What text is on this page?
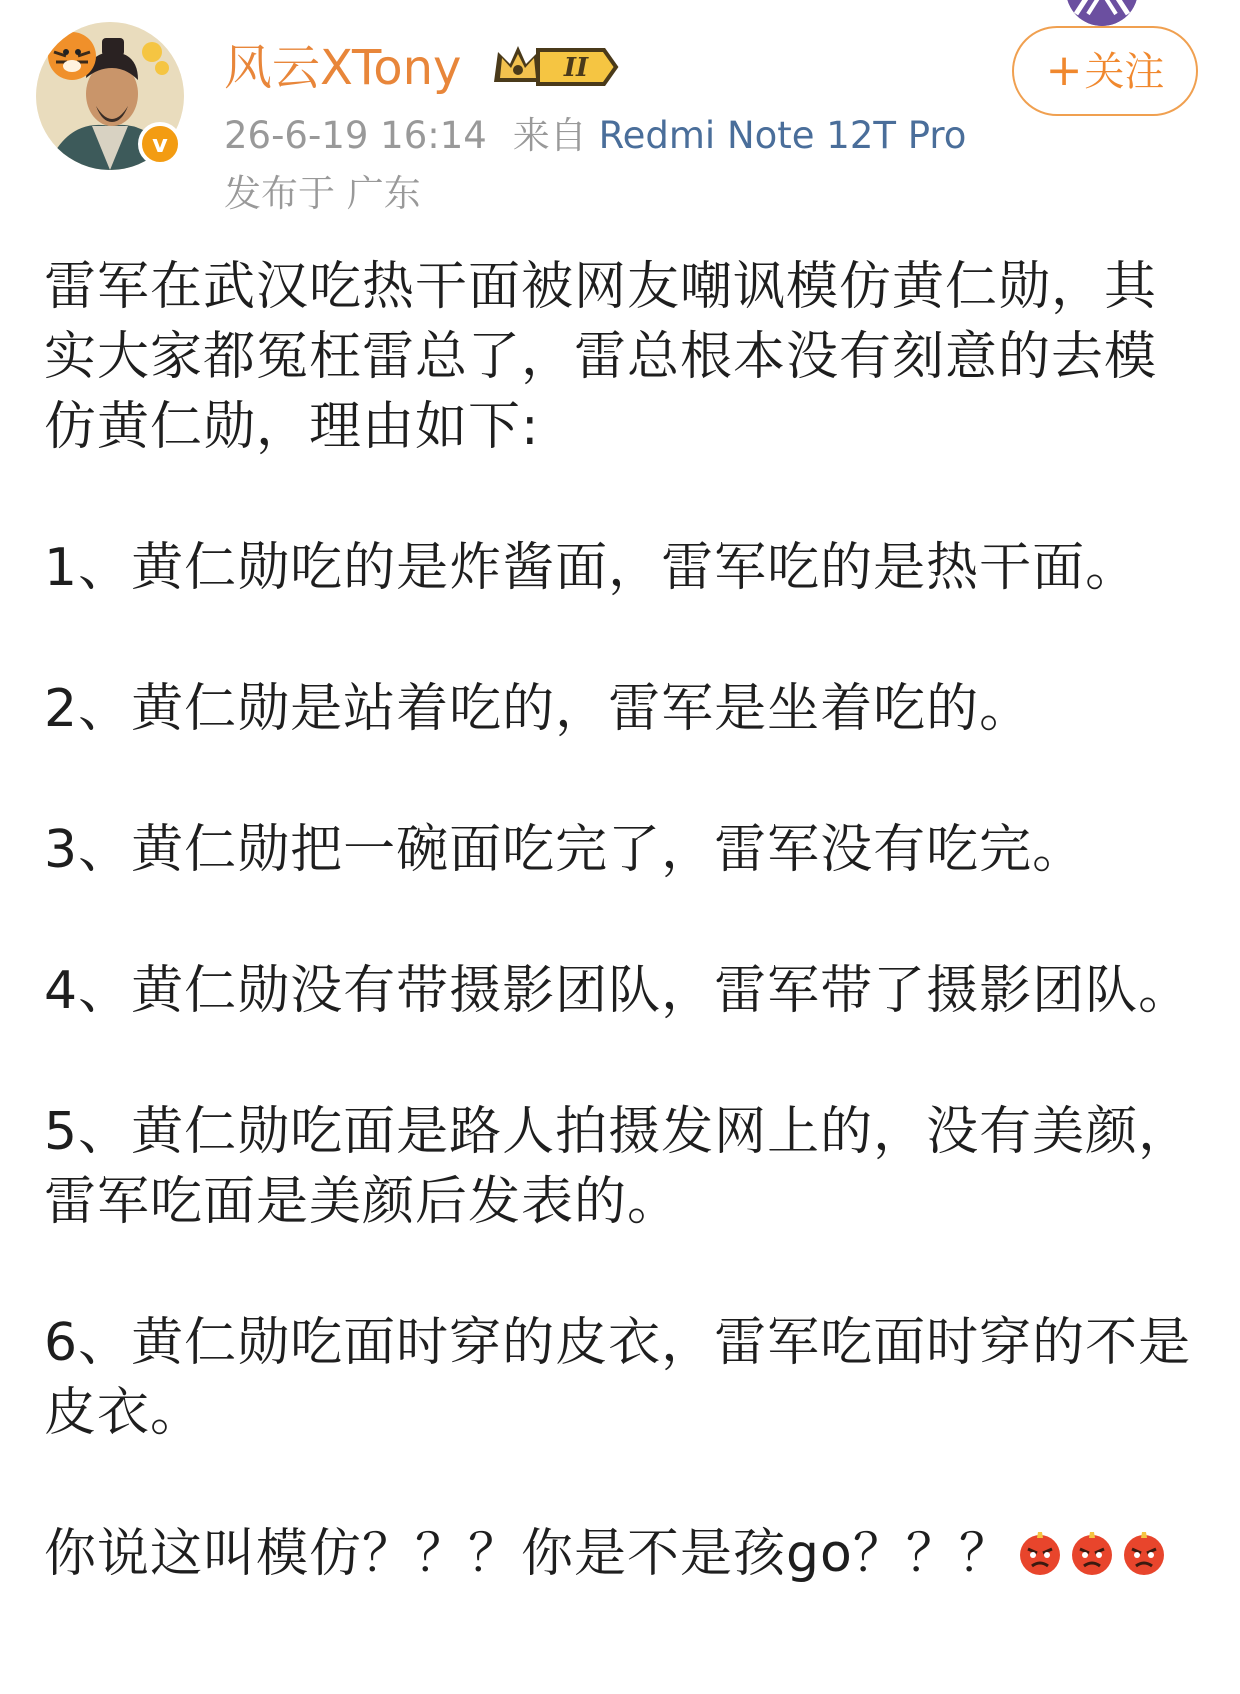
v
风云XTony	II	+关注
26-6-19 16:14 来自 Redmi Note 12T Pro
发布于 广东

雷军在武汉吃热干面被网友嘲讽模仿黄仁勋，其实大家都冤枉雷总了，雷总根本没有刻意的去模仿黄仁勋，理由如下:

1、黄仁勋吃的是炸酱面，雷军吃的是热干面。

2、黄仁勋是站着吃的，雷军是坐着吃的。

3、黄仁勋把一碗面吃完了，雷军没有吃完。

4、黄仁勋没有带摄影团队，雷军带了摄影团队。

5、黄仁勋吃面是路人拍摄发网上的，没有美颜，雷军吃面是美颜后发表的。

6、黄仁勋吃面时穿的皮衣，雷军吃面时穿的不是皮衣。

你说这叫模仿？？？你是不是孩go？？？
